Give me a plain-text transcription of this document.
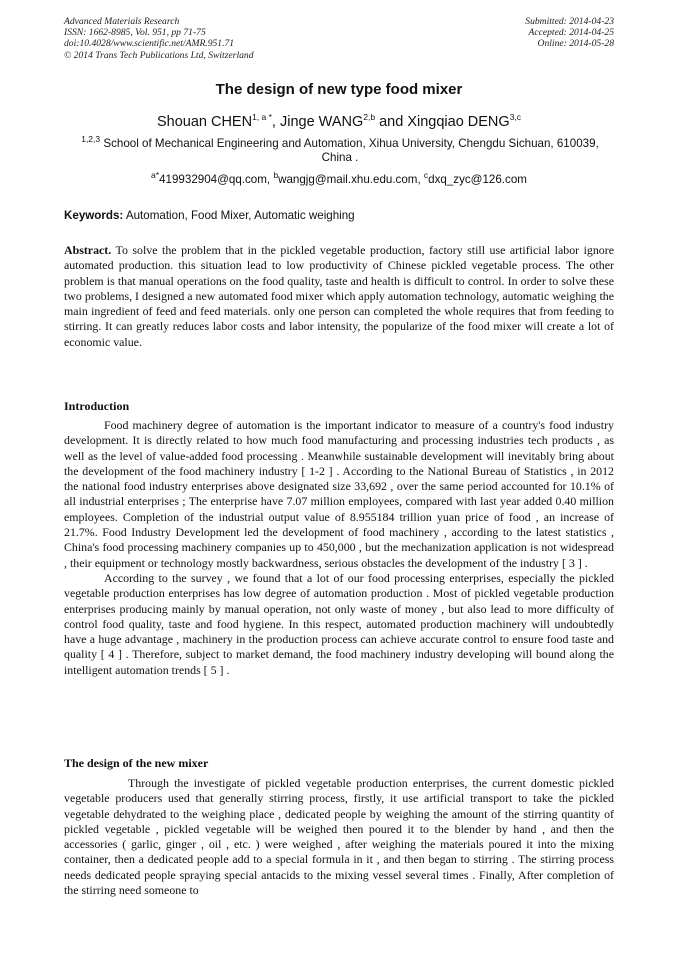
Advanced Materials Research
ISSN: 1662-8985, Vol. 951, pp 71-75
doi:10.4028/www.scientific.net/AMR.951.71
© 2014 Trans Tech Publications Ltd, Switzerland
Submitted: 2014-04-23
Accepted: 2014-04-25
Online: 2014-05-28
The design of new type food mixer
Shouan $CHEN^{1, a *}$, Jinge WANG$^{2,b}$ and Xingqiao DENG$^{3,c}$
$^{1,2,3}$ School of Mechanical Engineering and Automation, Xihua University, Chengdu Sichuan, 610039, China .
$^{a*}$419932904@qq.com, $^b$wangjg@mail.xhu.edu.com, $^c$dxq_zyc@126.com
Keywords: Automation, Food Mixer, Automatic weighing

Abstract. To solve the problem that in the pickled vegetable production, factory still use artificial labor ignore automated production. this situation lead to low productivity of Chinese pickled vegetable process. The other problem is that manual operations on the food quality, taste and health is difficult to control. In order to solve these two problems, I designed a new automated food mixer which apply automation technology, automatic weighing the main ingredient of feed and feed materials. only one person can completed the whole requires that from feeding to stirring. It can greatly reduces labor costs and labor intensity, the popularize of the food mixer will create a lot of economic value.

Introduction

Food machinery degree of automation is the important indicator to measure of a country's food industry development. It is directly related to how much food manufacturing and processing industries tech products , as well as the level of value-added food processing . Meanwhile sustainable development will inevitably bring about the development of the food machinery industry [ 1-2 ] . According to the National Bureau of Statistics , in 2012 the national food industry enterprises above designated size 33,692 , over the same period accounted for 10.1% of all industrial enterprises ; The enterprise have 7.07 million employees, compared with last year added 0.40 million employees. Completion of the industrial output value of 8.955184 trillion yuan price of food , an increase of 21.7%. Food Industry Development led the development of food machinery , according to the latest statistics , China's food processing machinery companies up to 450,000 , but the mechanization application is not widespread , their equipment or technology mostly backwardness, serious obstacles the development of the industry [ 3 ] .

According to the survey , we found that a lot of our food processing enterprises, especially the pickled vegetable production enterprises has low degree of automation production . Most of pickled vegetable production enterprises producing mainly by manual operation, not only waste of money , but also lead to more difficulty of control food quality, taste and food hygiene. In this respect, automated production machinery will undoubtedly have a huge advantage , machinery in the production process can achieve accurate control to ensure food taste and quality [ 4 ] . Therefore, subject to market demand, the food machinery industry developing will bound along the intelligent automation trends [ 5 ] .

The design of the new mixer

Through the investigate of pickled vegetable production enterprises, the current domestic pickled vegetable producers used that generally stirring process, firstly, it use artificial transport to take the pickled vegetable dehydrated to the weighing place , dedicated people by weighing the amount of the stirring quantity of pickled vegetable , pickled vegetable will be weighed then poured it to the blender by hand , and then the accessories ( garlic, ginger , oil , etc. ) were weighed , after weighing the materials poured it into the mixing container, then a dedicated people add to a special formula in it , and then began to stirring . The stirring process needs dedicated people spraying special antacids to the mixing vessel several times . Finally, After completion of the stirring need someone to
